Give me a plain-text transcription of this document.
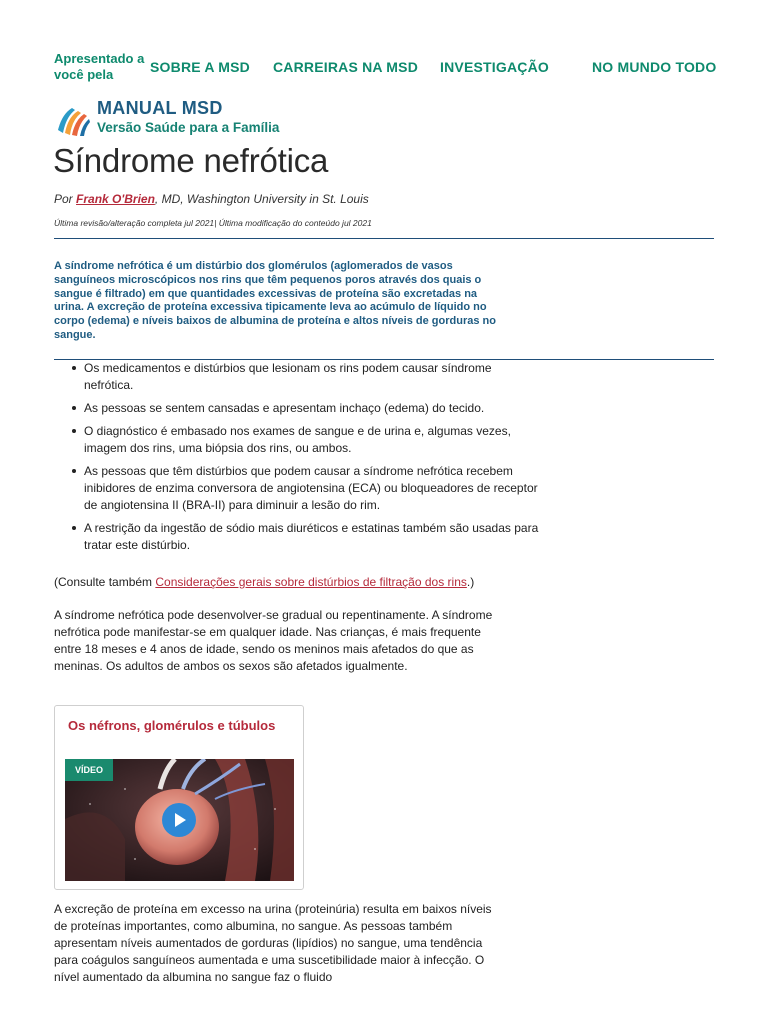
Apresentado a você pela	SOBRE A MSD CARREIRAS NA MSD INVESTIGAÇÃO	NO MUNDO TODO
MANUAL MSD
Versão Saúde para a Família
Síndrome nefrótica
Por Frank O'Brien, MD, Washington University in St. Louis
Última revisão/alteração completa jul 2021| Última modificação do conteúdo jul 2021

A síndrome nefrótica é um distúrbio dos glomérulos (aglomerados de vasos sanguíneos microscópicos nos rins que têm pequenos poros através dos quais o sangue é filtrado) em que quantidades excessivas de proteína são excretadas na urina. A excreção de proteína excessiva tipicamente leva ao acúmulo de líquido no corpo (edema) e níveis baixos de albumina de proteína e altos níveis de gorduras no sangue.

Os medicamentos e distúrbios que lesionam os rins podem causar síndrome nefrótica.
As pessoas se sentem cansadas e apresentam inchaço (edema) do tecido.
O diagnóstico é embasado nos exames de sangue e de urina e, algumas vezes, imagem dos rins, uma biópsia dos rins, ou ambos.
As pessoas que têm distúrbios que podem causar a síndrome nefrótica recebem inibidores de enzima conversora de angiotensina (ECA) ou bloqueadores de receptor de angiotensina II (BRA-II) para diminuir a lesão do rim.
A restrição da ingestão de sódio mais diuréticos e estatinas também são usadas para tratar este distúrbio.

(Consulte também Considerações gerais sobre distúrbios de filtração dos rins.)

A síndrome nefrótica pode desenvolver-se gradual ou repentinamente. A síndrome nefrótica pode manifestar-se em qualquer idade. Nas crianças, é mais frequente entre 18 meses e 4 anos de idade, sendo os meninos mais afetados do que as meninas. Os adultos de ambos os sexos são afetados igualmente.

Os néfrons, glomérulos e túbulos
VÍDEO

A excreção de proteína em excesso na urina (proteinúria) resulta em baixos níveis de proteínas importantes, como albumina, no sangue. As pessoas também apresentam níveis aumentados de gorduras (lipídios) no sangue, uma tendência para coágulos sanguíneos aumentada e uma suscetibilidade maior à infecção. O nível aumentado da albumina no sangue faz o fluido
